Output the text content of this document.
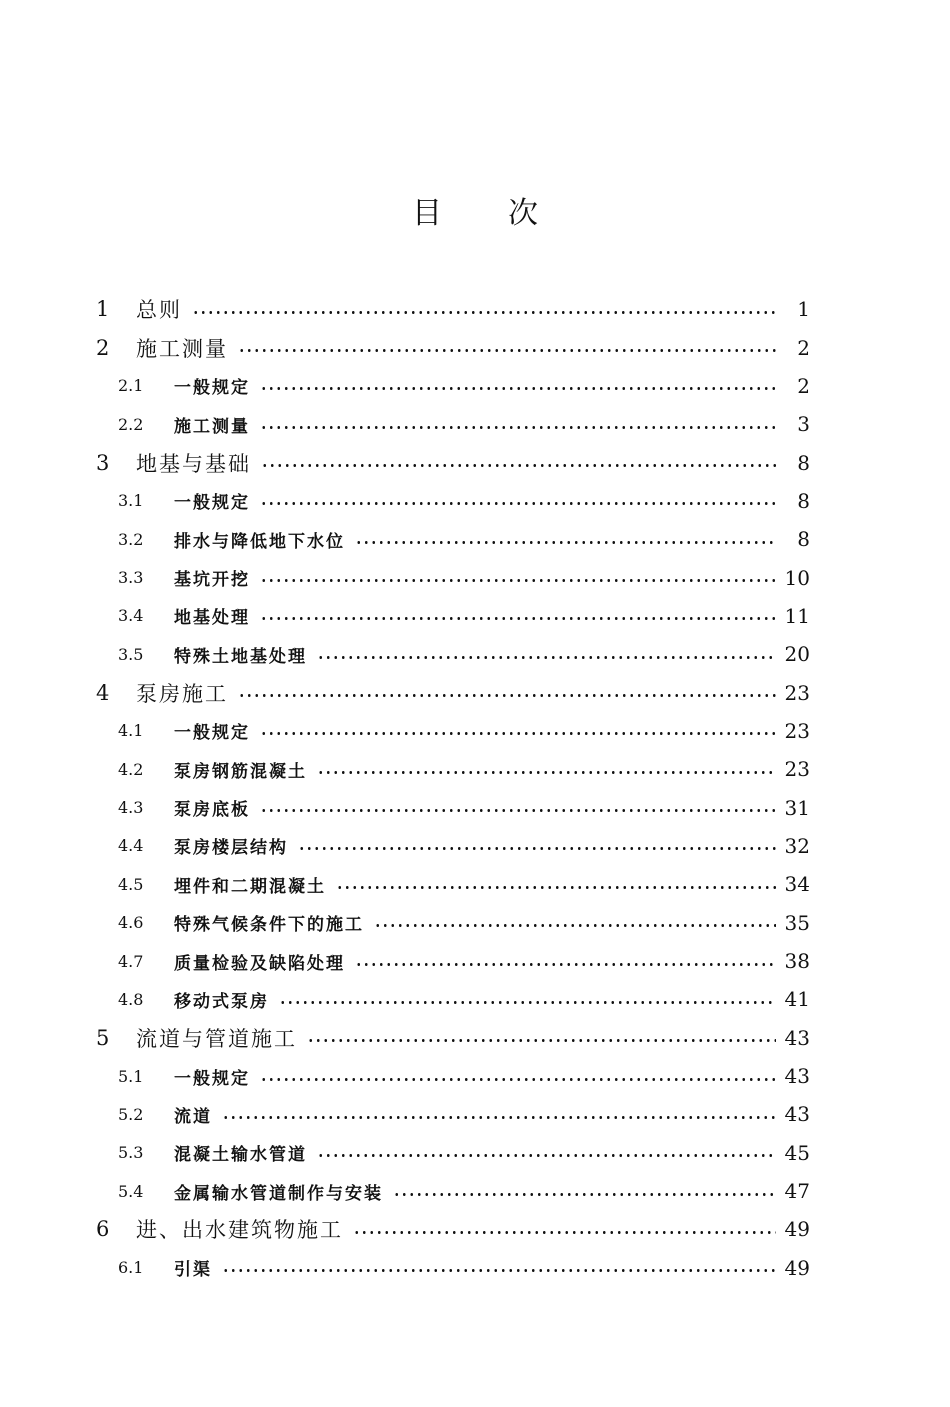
目 次
1	总则	1
2	施工测量	2
2.1	一般规定	2
2.2	施工测量	3
3	地基与基础	8
3.1	一般规定	8
3.2	排水与降低地下水位	8
3.3	基坑开挖	10
3.4	地基处理	11
3.5	特殊土地基处理	20
4	泵房施工	23
4.1	一般规定	23
4.2	泵房钢筋混凝土	23
4.3	泵房底板	31
4.4	泵房楼层结构	32
4.5	埋件和二期混凝土	34
4.6	特殊气候条件下的施工	35
4.7	质量检验及缺陷处理	38
4.8	移动式泵房	41
5	流道与管道施工	43
5.1	一般规定	43
5.2	流道	43
5.3	混凝土输水管道	45
5.4	金属输水管道制作与安装	47
6	进、出水建筑物施工	49
6.1	引渠	49
